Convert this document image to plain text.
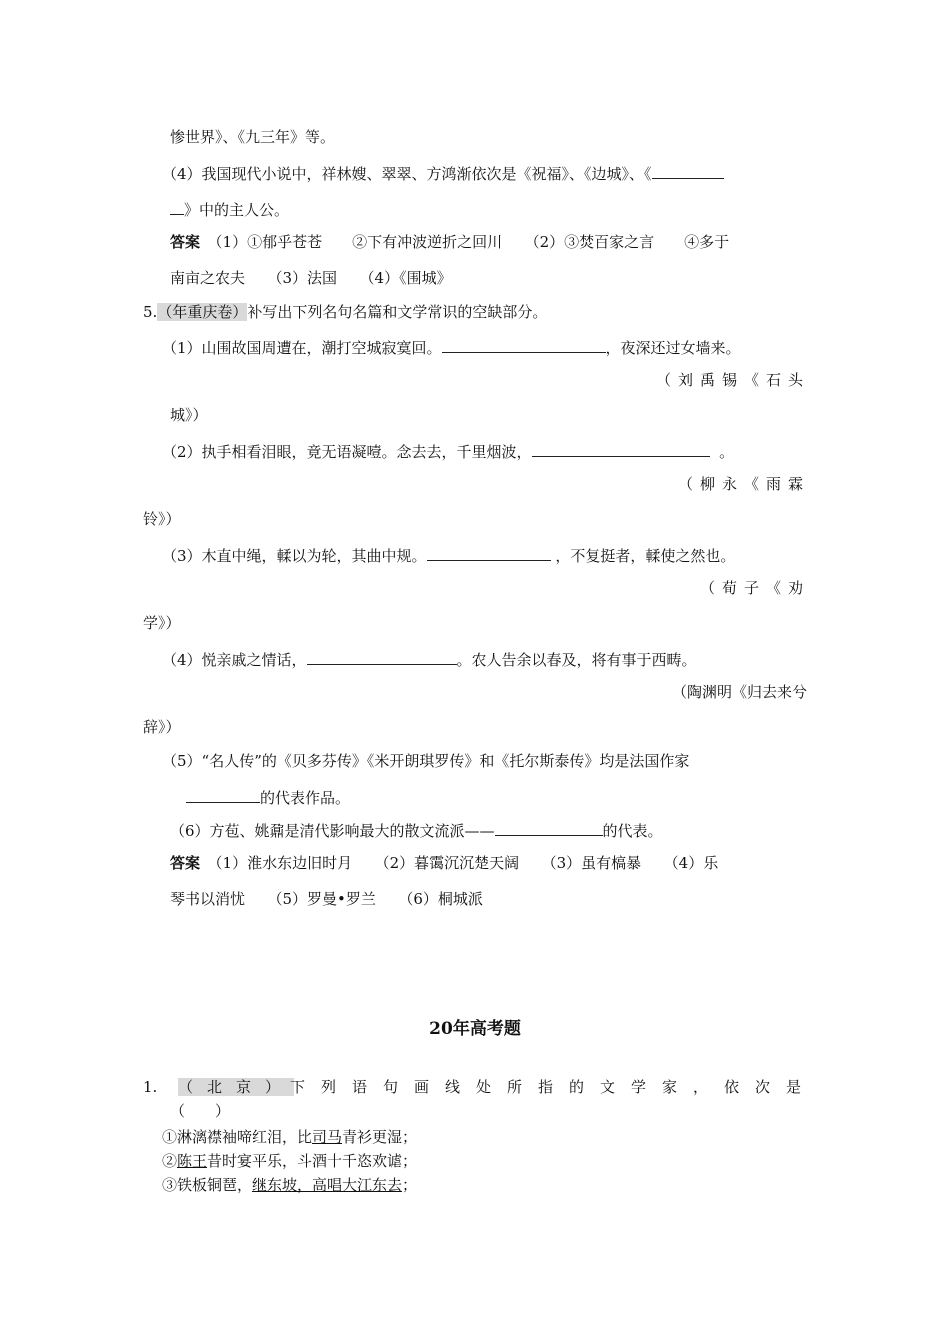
惨世界》、《九三年》等。
（4）我国现代小说中，祥林嫂、翠翠、方鸿渐依次是《祝福》、《边城》、《
》中的主人公。
答案　 （1）①郁乎苍苍　　②下有冲波逆折之回川　　（2）③焚百家之言　　④多于
南亩之农夫　　（3）法国　　（4）《围城》
5.（年重庆卷）补写出下列名句名篇和文学常识的空缺部分。
（1）山围故国周遭在，潮打空城寂寞回。	，夜深还过女墙来。
（刘禹锡《石头
城》）
（2）执手相看泪眼，竟无语凝噎。念去去，千里烟波，	。
（柳永《雨霖
铃》）
（3）木直中绳，輮以为轮，其曲中规。	，不复挺者，輮使之然也。
（荀子《劝
学》）
（4）悦亲戚之情话，	。农人告余以春及，将有事于西畴。
（陶渊明《归去来兮
辞》）
（5）“名人传”的《贝多芬传》《米开朗琪罗传》和《托尔斯泰传》均是法国作家
的代表作品。
（6）方苞、姚鼐是清代影响最大的散文流派——	的代表。
答案　 （1）淮水东边旧时月　　（2）暮霭沉沉楚天阔　　（3）虽有槁暴　　（4）乐
琴书以消忧　　（5）罗曼•罗兰　　（6）桐城派
20年高考题
1. （北京）
下列语句画线处所指的文学家，依次是
（　　）
①淋漓襟袖啼红泪，比司马青衫更湿；
②陈王昔时宴平乐，斗酒十千恣欢谑；
③铁板铜琶，继东坡，高唱大江东去；
